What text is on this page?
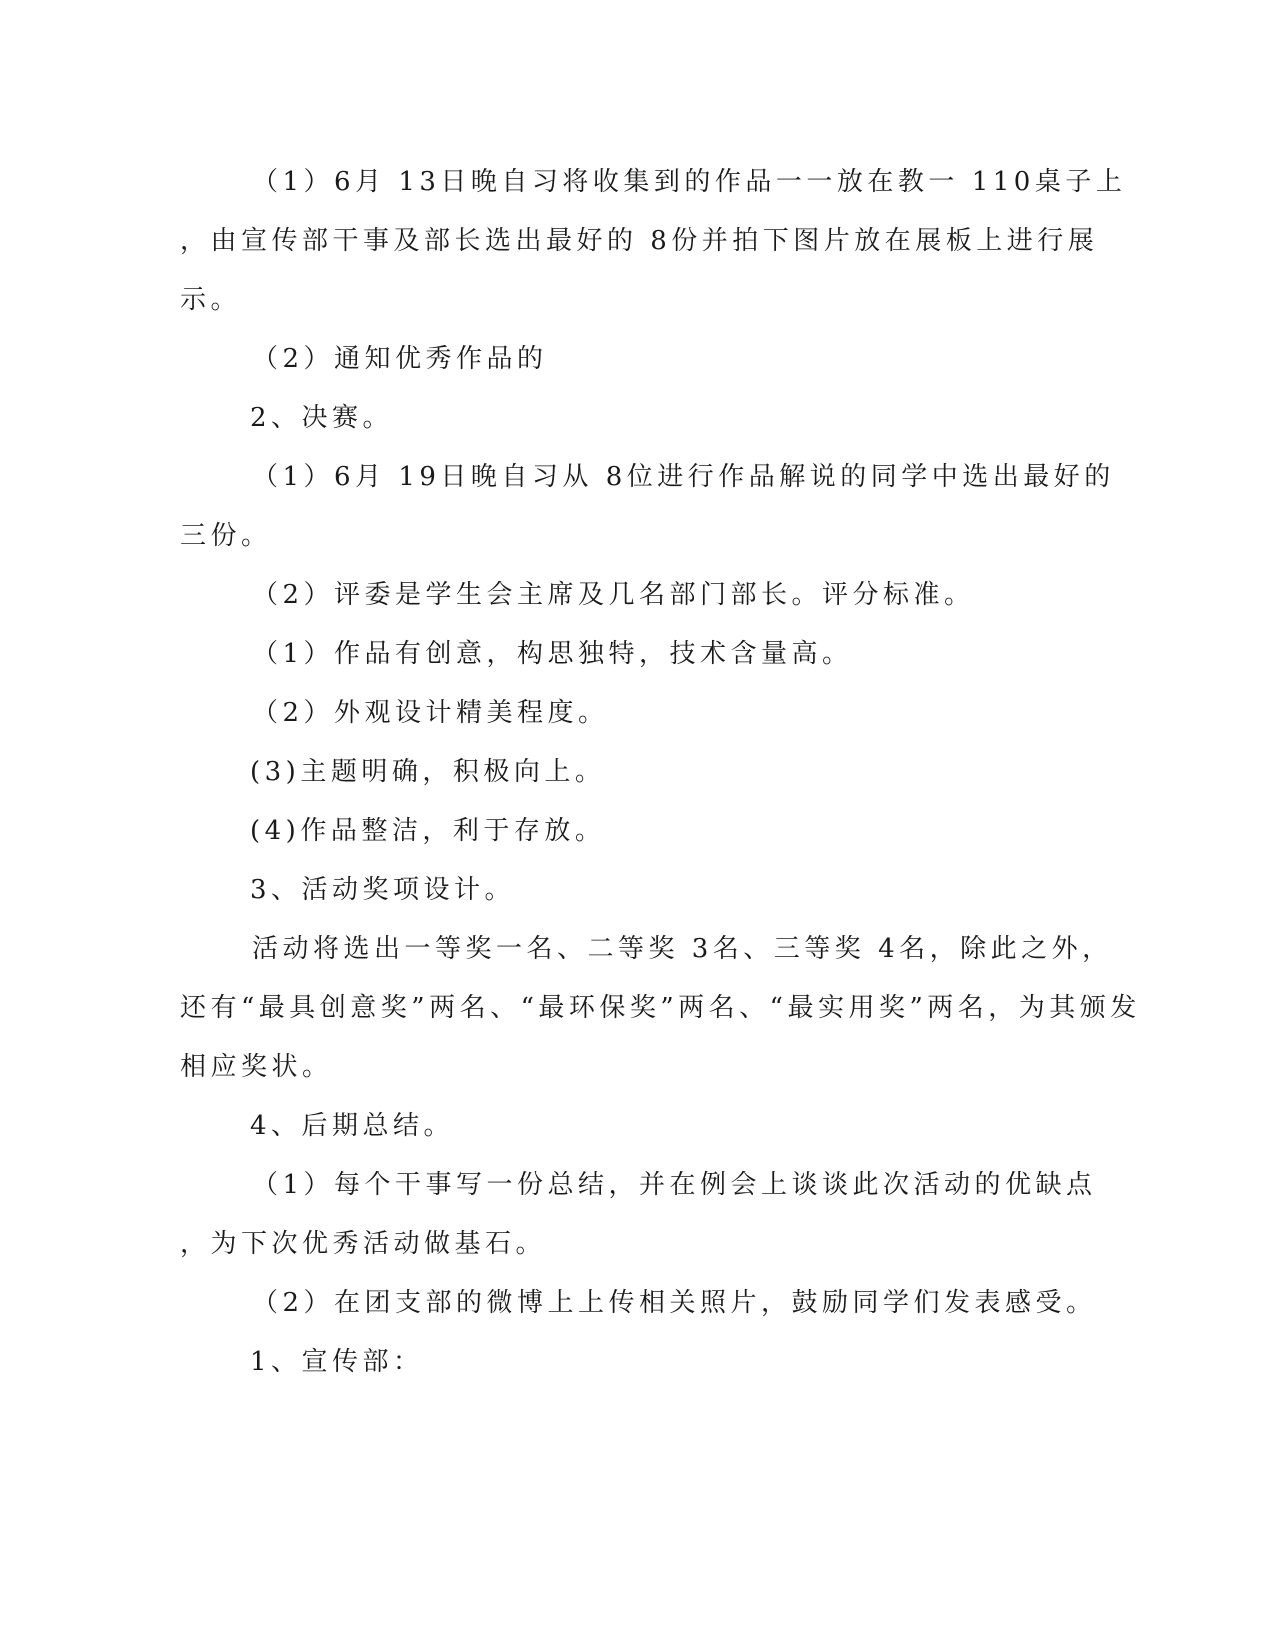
（1）6月 13日晚自习将收集到的作品一一放在教一 110桌子上
，由宣传部干事及部长选出最好的 8份并拍下图片放在展板上进行展
示。
（2）通知优秀作品的
2、决赛。
（1）6月 19日晚自习从 8位进行作品解说的同学中选出最好的
三份。
（2）评委是学生会主席及几名部门部长。评分标准。
（1）作品有创意，构思独特，技术含量高。
（2）外观设计精美程度。
(3)主题明确，积极向上。
(4)作品整洁，利于存放。
3、活动奖项设计。
活动将选出一等奖一名、二等奖 3名、三等奖 4名，除此之外，
还有“最具创意奖”两名、“最环保奖”两名、“最实用奖”两名，为其颁发
相应奖状。
4、后期总结。
（1）每个干事写一份总结，并在例会上谈谈此次活动的优缺点
，为下次优秀活动做基石。
（2）在团支部的微博上上传相关照片，鼓励同学们发表感受。
1、宣传部：
